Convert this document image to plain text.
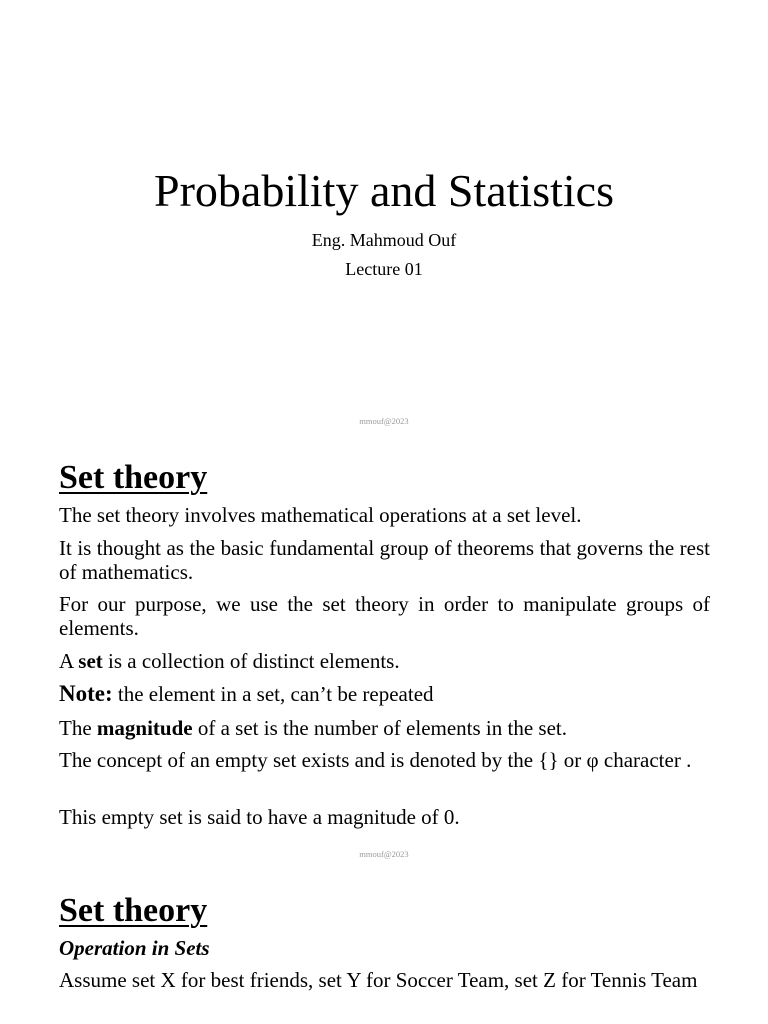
Probability and Statistics
Eng. Mahmoud Ouf
Lecture 01
mmouf@2023
Set theory
The set theory involves mathematical operations at a set level.
It is thought as the basic fundamental group of theorems that governs the rest of mathematics.
For our purpose, we use the set theory in order to manipulate groups of elements.
A set is a collection of distinct elements.
Note: the element in a set, can’t be repeated
The magnitude of a set is the number of elements in the set.
The concept of an empty set exists and is denoted by the {} or φ character .
This empty set is said to have a magnitude of 0.
mmouf@2023
Set theory
Operation in Sets
Assume set X for best friends, set Y for Soccer Team, set Z for Tennis Team
